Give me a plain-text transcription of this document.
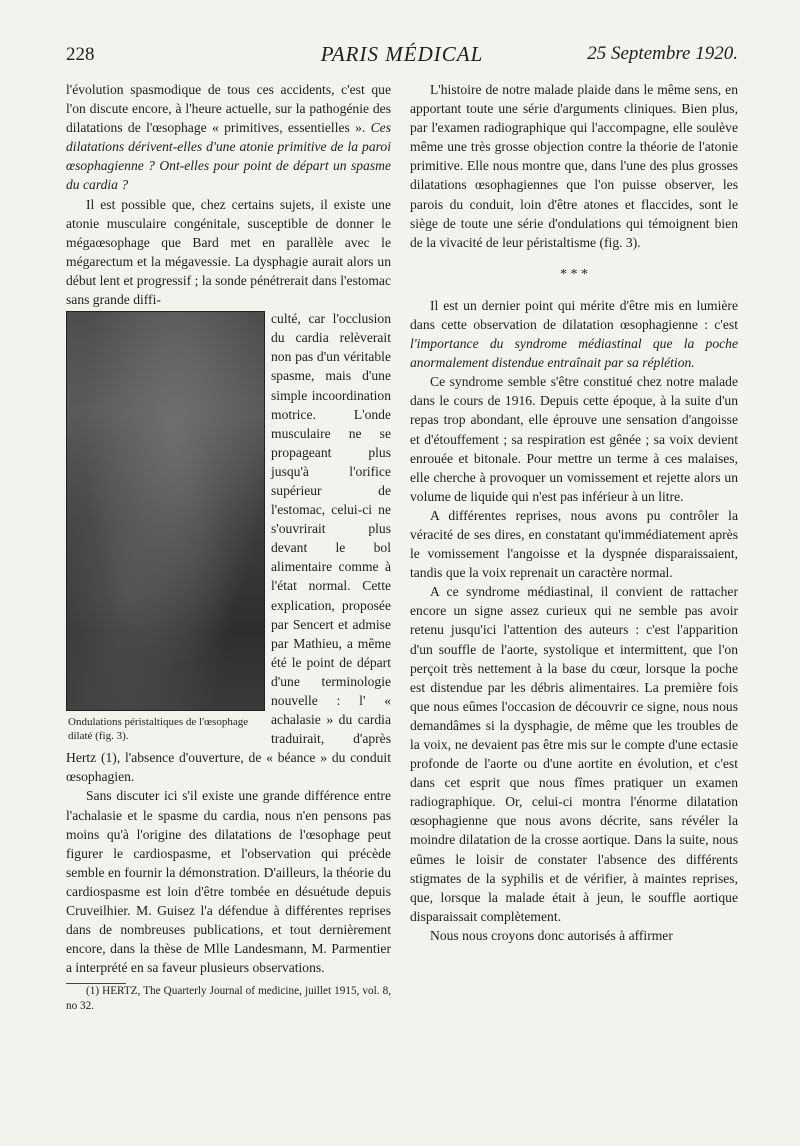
228	PARIS MÉDICAL	25 Septembre 1920.

l'évolution spasmodique de tous ces accidents, c'est que l'on discute encore, à l'heure actuelle, sur la pathogénie des dilatations de l'œsophage « primitives, essentielles ». Ces dilatations dérivent-elles d'une atonie primitive de la paroi œsophagienne ? Ont-elles pour point de départ un spasme du cardia ?

Il est possible que, chez certains sujets, il existe une atonie musculaire congénitale, susceptible de donner le mégaœsophage que Bard met en parallèle avec le mégarectum et la mégavessie. La dysphagie aurait alors un début lent et progressif ; la sonde pénétrerait dans l'estomac sans grande diffi-

Ondulations péristaltiques de l'œsophage dilaté (fig. 3).

culté, car l'occlusion du cardia relèverait non pas d'un véritable spasme, mais d'une simple incoordination motrice. L'onde musculaire ne se propageant plus jusqu'à l'orifice supérieur de l'estomac, celui-ci ne s'ouvrirait plus devant le bol alimentaire comme à l'état normal. Cette explication, proposée par Sencert et admise par Mathieu, a même été le point de départ d'une terminologie nouvelle : l' « achalasie » du cardia traduirait, d'après Hertz (1), l'absence d'ouverture, de « béance » du conduit œsophagien.

Sans discuter ici s'il existe une grande différence entre l'achalasie et le spasme du cardia, nous n'en pensons pas moins qu'à l'origine des dilatations de l'œsophage peut figurer le cardiospasme, et l'observation qui précède semble en fournir la démonstration. D'ailleurs, la théorie du cardiospasme est loin d'être tombée en désuétude depuis Cruveilhier. M. Guisez l'a défendue à différentes reprises dans de nombreuses publications, et tout dernièrement encore, dans la thèse de Mlle Landesmann, M. Parmentier a interprété en sa faveur plusieurs observations.

(1) HERTZ, The Quarterly Journal of medicine, juillet 1915, vol. 8, no 32.

L'histoire de notre malade plaide dans le même sens, en apportant toute une série d'arguments cliniques. Bien plus, par l'examen radiographique qui l'accompagne, elle soulève même une très grosse objection contre la théorie de l'atonie primitive. Elle nous montre que, dans l'une des plus grosses dilatations œsophagiennes que l'on puisse observer, les parois du conduit, loin d'être atones et flaccides, sont le siège de toute une série d'ondulations qui témoignent bien de la vivacité de leur péristaltisme (fig. 3).

* * *

Il est un dernier point qui mérite d'être mis en lumière dans cette observation de dilatation œsophagienne : c'est l'importance du syndrome médiastinal que la poche anormalement distendue entraînait par sa réplétion.

Ce syndrome semble s'être constitué chez notre malade dans le cours de 1916. Depuis cette époque, à la suite d'un repas trop abondant, elle éprouve une sensation d'angoisse et d'étouffement ; sa respiration est gênée ; sa voix devient enrouée et bitonale. Pour mettre un terme à ces malaises, elle cherche à provoquer un vomissement et rejette alors un volume de liquide qui n'est pas inférieur à un litre.

A différentes reprises, nous avons pu contrôler la véracité de ses dires, en constatant qu'immédiatement après le vomissement l'angoisse et la dyspnée disparaissaient, tandis que la voix reprenait un caractère normal.

A ce syndrome médiastinal, il convient de rattacher encore un signe assez curieux qui ne semble pas avoir retenu jusqu'ici l'attention des auteurs : c'est l'apparition d'un souffle de l'aorte, systolique et intermittent, que l'on perçoit très nettement à la base du cœur, lorsque la poche est distendue par les débris alimentaires. La première fois que nous eûmes l'occasion de découvrir ce signe, nous nous demandâmes si la dysphagie, de même que les troubles de la voix, ne devaient pas être mis sur le compte d'une ectasie profonde de l'aorte ou d'une aortite en évolution, et c'est dans cet esprit que nous fîmes pratiquer un examen radiographique. Or, celui-ci montra l'énorme dilatation œsophagienne que nous avons décrite, sans révéler la moindre dilatation de la crosse aortique. Dans la suite, nous eûmes le loisir de constater l'absence des différents stigmates de la syphilis et de vérifier, à maintes reprises, que, lorsque la malade était à jeun, le souffle aortique disparaissait complètement.

Nous nous croyons donc autorisés à affirmer
